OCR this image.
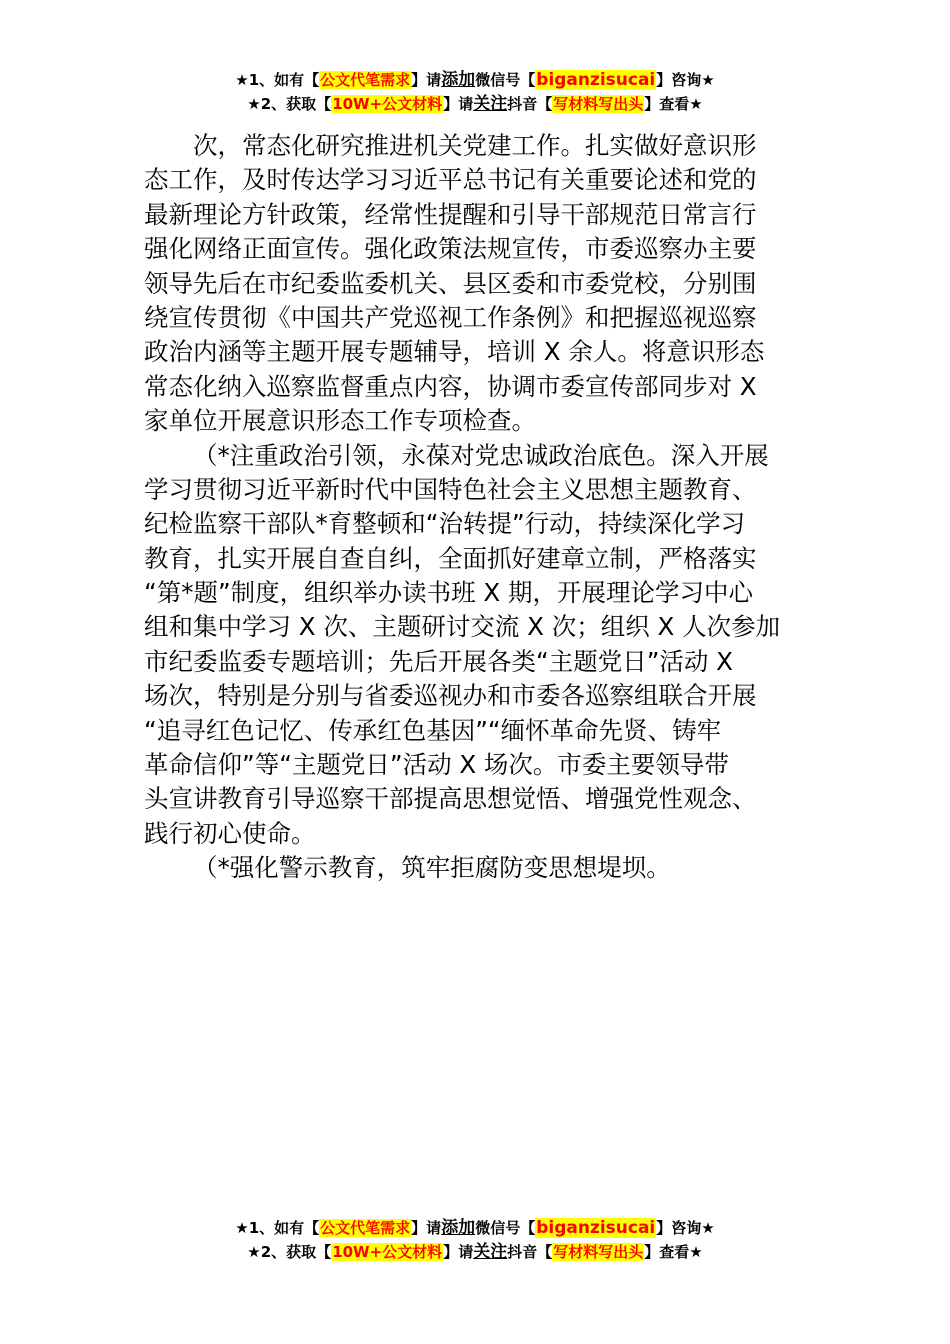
★1、如有【公文代笔需求】请添加微信号【biganzisucai】咨询★
★2、获取【10W+公文材料】请关注抖音【写材料写出头】查看★
次，常态化研究推进机关党建工作。扎实做好意识形
态工作，及时传达学习习近平总书记有关重要论述和党的
最新理论方针政策，经常性提醒和引导干部规范日常言行
强化网络正面宣传。强化政策法规宣传，市委巡察办主要
领导先后在市纪委监委机关、县区委和市委党校，分别围
绕宣传贯彻《中国共产党巡视工作条例》和把握巡视巡察
政治内涵等主题开展专题辅导，培训 X 余人。将意识形态
常态化纳入巡察监督重点内容，协调市委宣传部同步对 X
家单位开展意识形态工作专项检查。
（*注重政治引领，永葆对党忠诚政治底色。深入开展
学习贯彻习近平新时代中国特色社会主义思想主题教育、
纪检监察干部队*育整顿和“治转提”行动，持续深化学习
教育，扎实开展自查自纠，全面抓好建章立制，严格落实
“第*题”制度，组织举办读书班 X 期，开展理论学习中心
组和集中学习 X 次、主题研讨交流 X 次；组织 X 人次参加
市纪委监委专题培训；先后开展各类“主题党日”活动 X
场次，特别是分别与省委巡视办和市委各巡察组联合开展
“追寻红色记忆、传承红色基因”“缅怀革命先贤、铸牢
革命信仰”等“主题党日”活动 X 场次。市委主要领导带
头宣讲教育引导巡察干部提高思想觉悟、增强党性观念、
践行初心使命。
（*强化警示教育，筑牢拒腐防变思想堤坝。
★1、如有【公文代笔需求】请添加微信号【biganzisucai】咨询★
★2、获取【10W+公文材料】请关注抖音【写材料写出头】查看★
